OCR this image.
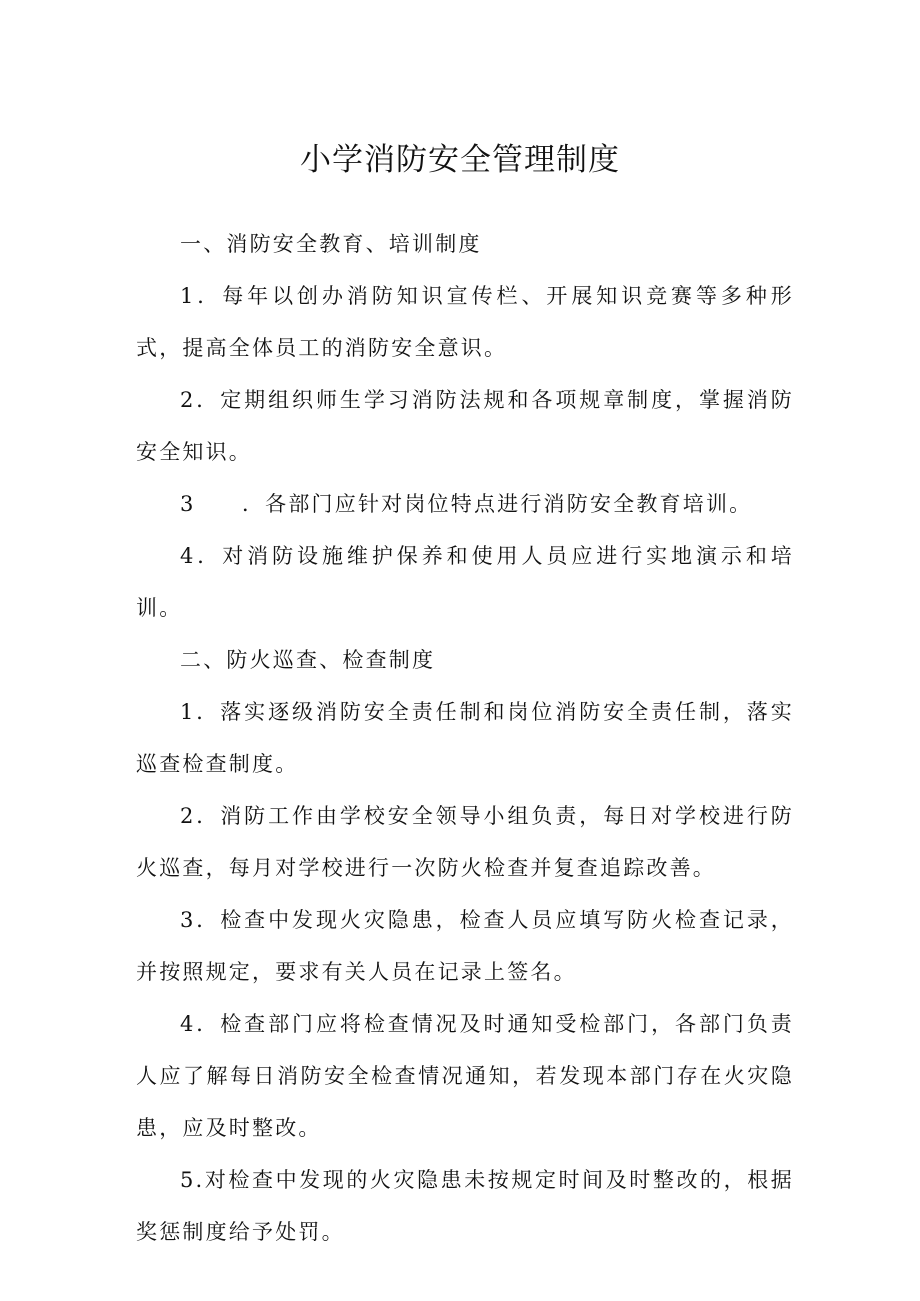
小学消防安全管理制度

一、消防安全教育、培训制度

1．每年以创办消防知识宣传栏、开展知识竞赛等多种形式，提高全体员工的消防安全意识。

2．定期组织师生学习消防法规和各项规章制度，掌握消防安全知识。

3　　．各部门应针对岗位特点进行消防安全教育培训。

4．对消防设施维护保养和使用人员应进行实地演示和培训。

二、防火巡查、检查制度

1．落实逐级消防安全责任制和岗位消防安全责任制，落实巡查检查制度。

2．消防工作由学校安全领导小组负责，每日对学校进行防火巡查，每月对学校进行一次防火检查并复查追踪改善。

3．检查中发现火灾隐患，检查人员应填写防火检查记录，并按照规定，要求有关人员在记录上签名。

4．检查部门应将检查情况及时通知受检部门，各部门负责人应了解每日消防安全检查情况通知，若发现本部门存在火灾隐患，应及时整改。

5.对检查中发现的火灾隐患未按规定时间及时整改的，根据奖惩制度给予处罚。
